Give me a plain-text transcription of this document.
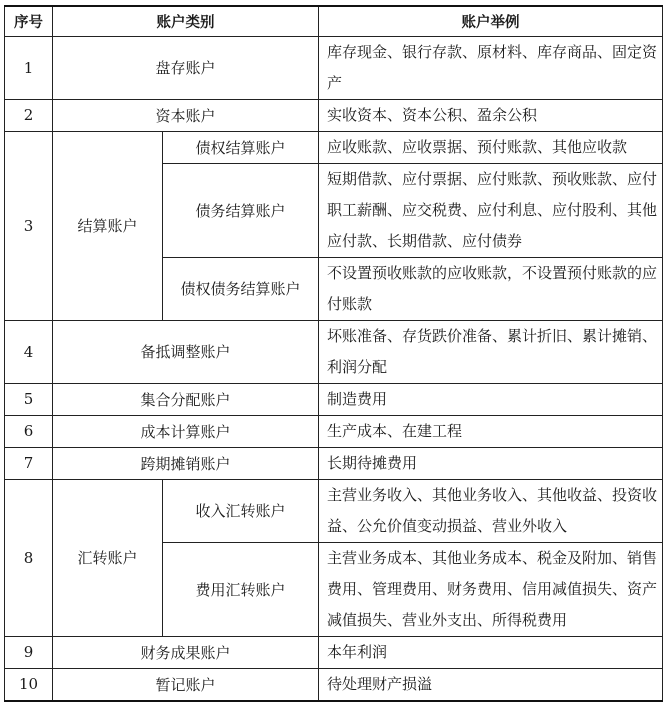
序号	账户类别		账户举例
1	盘存账户		库存现金、银行存款、原材料、库存商品、固定资产
2	资本账户		实收资本、资本公积、盈余公积
3	结算账户	债权结算账户	应收账款、应收票据、预付账款、其他应收款
		债务结算账户	短期借款、应付票据、应付账款、预收账款、应付职工薪酬、应交税费、应付利息、应付股利、其他应付款、长期借款、应付债券
		债权债务结算账户	不设置预收账款的应收账款，不设置预付账款的应付账款
4	备抵调整账户		坏账准备、存货跌价准备、累计折旧、累计摊销、利润分配
5	集合分配账户		制造费用
6	成本计算账户		生产成本、在建工程
7	跨期摊销账户		长期待摊费用
8	汇转账户	收入汇转账户	主营业务收入、其他业务收入、其他收益、投资收益、公允价值变动损益、营业外收入
		费用汇转账户	主营业务成本、其他业务成本、税金及附加、销售费用、管理费用、财务费用、信用减值损失、资产减值损失、营业外支出、所得税费用
9	财务成果账户		本年利润
10	暂记账户		待处理财产损溢
